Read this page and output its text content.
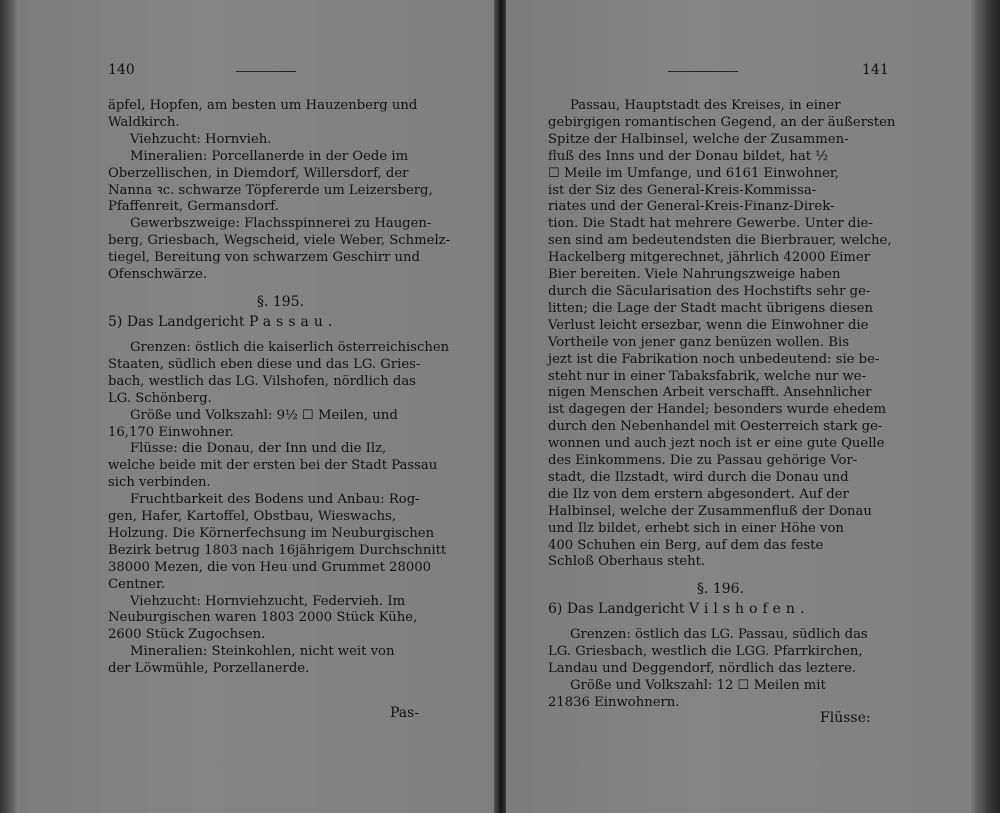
140
äpfel, Hopfen, am besten um Hauzenberg und
Waldkirch.
Viehzucht: Hornvieh.
Mineralien: Porcellanerde in der Oede im
Oberzellischen, in Diemdorf, Willersdorf, der
Nanna ꝛc. schwarze Töpfererde um Leizersberg,
Pfaffenreit, Germansdorf.
Gewerbszweige: Flachsspinnerei zu Haugen-
berg, Griesbach, Wegscheid, viele Weber, Schmelz-
tiegel, Bereitung von schwarzem Geschirr und
Ofenschwärze.
§. 195.
5) Das Landgericht Passau.
Grenzen: östlich die kaiserlich österreichischen
Staaten, südlich eben diese und das LG. Gries-
bach, westlich das LG. Vilshofen, nördlich das
LG. Schönberg.
Größe und Volkszahl: 9½ ☐ Meilen, und
16,170 Einwohner.
Flüsse: die Donau, der Inn und die Ilz,
welche beide mit der ersten bei der Stadt Passau
sich verbinden.
Fruchtbarkeit des Bodens und Anbau: Rog-
gen, Hafer, Kartoffel, Obstbau, Wieswachs,
Holzung. Die Körnerfechsung im Neuburgischen
Bezirk betrug 1803 nach 16jährigem Durchschnitt
38000 Mezen, die von Heu und Grummet 28000
Centner.
Viehzucht: Hornviehzucht, Federvieh. Im
Neuburgischen waren 1803 2000 Stück Kühe,
2600 Stück Zugochsen.
Mineralien: Steinkohlen, nicht weit von
der Löwmühle, Porzellanerde.
Pas-
141
Passau, Hauptstadt des Kreises, in einer
gebirgigen romantischen Gegend, an der äußersten
Spitze der Halbinsel, welche der Zusammen-
fluß des Inns und der Donau bildet, hat ½
☐ Meile im Umfange, und 6161 Einwohner,
ist der Siz des General-Kreis-Kommissa-
riates und der General-Kreis-Finanz-Direk-
tion. Die Stadt hat mehrere Gewerbe. Unter die-
sen sind am bedeutendsten die Bierbrauer, welche,
Hackelberg mitgerechnet, jährlich 42000 Eimer
Bier bereiten. Viele Nahrungszweige haben
durch die Säcularisation des Hochstifts sehr ge-
litten; die Lage der Stadt macht übrigens diesen
Verlust leicht ersezbar, wenn die Einwohner die
Vortheile von jener ganz benüzen wollen. Bis
jezt ist die Fabrikation noch unbedeutend: sie be-
steht nur in einer Tabaksfabrik, welche nur we-
nigen Menschen Arbeit verschafft. Ansehnlicher
ist dagegen der Handel; besonders wurde ehedem
durch den Nebenhandel mit Oesterreich stark ge-
wonnen und auch jezt noch ist er eine gute Quelle
des Einkommens. Die zu Passau gehörige Vor-
stadt, die Ilzstadt, wird durch die Donau und
die Ilz von dem erstern abgesondert. Auf der
Halbinsel, welche der Zusammenfluß der Donau
und Ilz bildet, erhebt sich in einer Höhe von
400 Schuhen ein Berg, auf dem das feste
Schloß Oberhaus steht.
§. 196.
6) Das Landgericht Vilshofen.
Grenzen: östlich das LG. Passau, südlich das
LG. Griesbach, westlich die LGG. Pfarrkirchen,
Landau und Deggendorf, nördlich das leztere.
Größe und Volkszahl: 12 ☐ Meilen mit
21836 Einwohnern.
Flüsse:
